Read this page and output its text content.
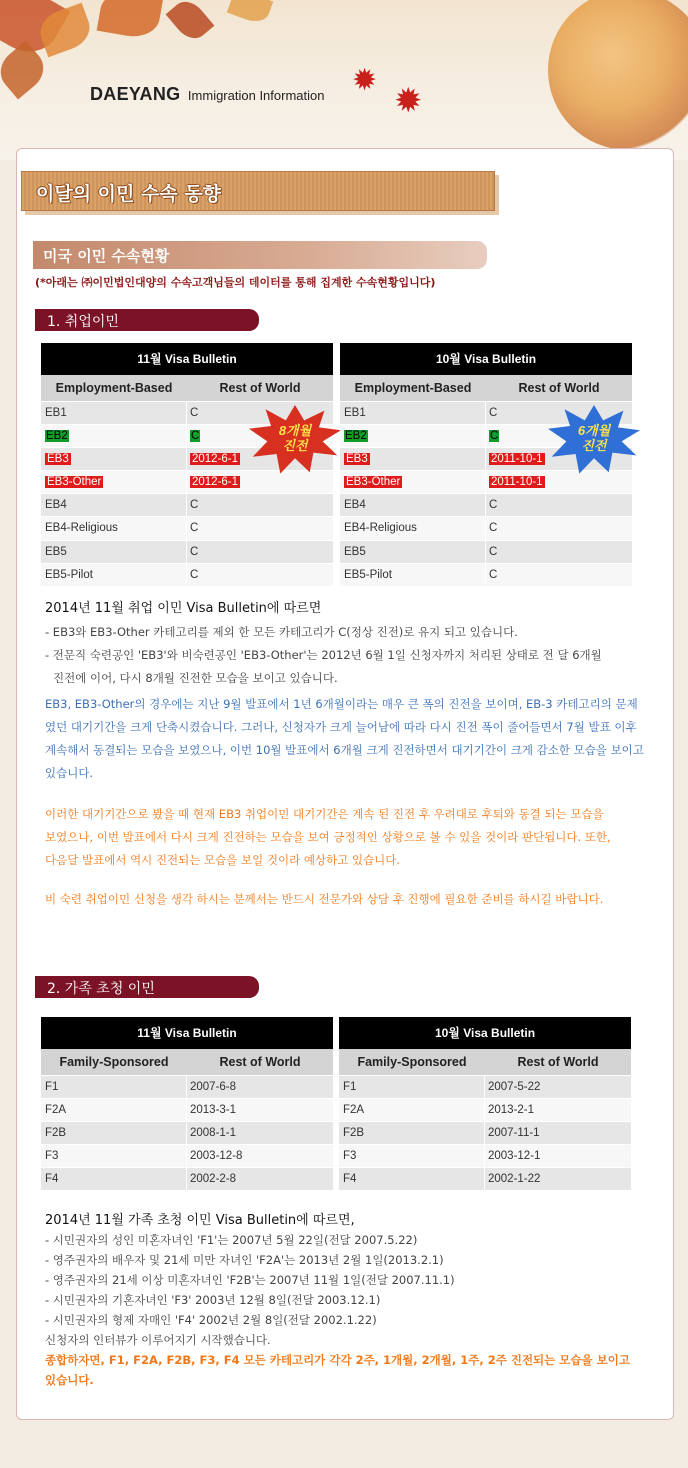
✹
✹
DAEYANG Immigration Information
이달의 이민 수속 동향
미국 이민 수속현황
(*아래는 ㈜이민법인대양의 수속고객님들의 데이터를 통해 집계한 수속현황입니다)
1. 취업이민
11월 Visa Bulletin
Employment-Based	Rest of World
EB1	C
EB2	C
EB3	2012-6-1
EB3-Other	2012-6-1
EB4	C
EB4-Religious	C
EB5	C
EB5-Pilot	C
8개월
진전
10월 Visa Bulletin
Employment-Based	Rest of World
EB1	C
EB2	C
EB3	2011-10-1
EB3-Other	2011-10-1
EB4	C
EB4-Religious	C
EB5	C
EB5-Pilot	C
6개월
진전
2014년 11월 취업 이민 Visa Bulletin에 따르면
- EB3와 EB3-Other 카테고리를 제외 한 모든 카테고리가 C(정상 진전)로 유지 되고 있습니다.
- 전문직 숙련공인 'EB3'와 비숙련공인 'EB3-Other'는 2012년 6월 1일 신청자까지 처리된 상태로 전 달 6개월
진전에 이어, 다시 8개월 진전한 모습을 보이고 있습니다.
EB3, EB3-Other의 경우에는 지난 9월 발표에서 1년 6개월이라는 매우 큰 폭의 진전을 보이며, EB-3 카테고리의 문제
였던 대기기간을 크게 단축시켰습니다. 그러나, 신청자가 크게 늘어남에 따라 다시 진전 폭이 줄어들면서 7월 발표 이후
계속해서 동결되는 모습을 보였으나, 이번 10월 발표에서 6개월 크게 진전하면서 대기기간이 크게 감소한 모습을 보이고
있습니다.
이러한 대기기간으로 봤을 때 현재 EB3 취업이민 대기기간은 계속 된 진전 후 우려대로 후퇴와 동결 되는 모습을
보였으나, 이번 발표에서 다시 크게 진전하는 모습을 보여 긍정적인 상황으로 볼 수 있을 것이라 판단됩니다. 또한,
다음달 발표에서 역시 진전되는 모습을 보일 것이라 예상하고 있습니다.
비 숙련 취업이민 신청을 생각 하시는 분께서는 반드시 전문가와 상담 후 진행에 필요한 준비를 하시길 바랍니다.
2. 가족 초청 이민
11월 Visa Bulletin
Family-Sponsored	Rest of World
F1	2007-6-8
F2A	2013-3-1
F2B	2008-1-1
F3	2003-12-8
F4	2002-2-8
10월 Visa Bulletin
Family-Sponsored	Rest of World
F1	2007-5-22
F2A	2013-2-1
F2B	2007-11-1
F3	2003-12-1
F4	2002-1-22
2014년 11월 가족 초청 이민 Visa Bulletin에 따르면,
- 시민권자의 성인 미혼자녀인 'F1'는 2007년 5월 22일(전달 2007.5.22)
- 영주권자의 배우자 및 21세 미만 자녀인 'F2A'는 2013년 2월 1일(2013.2.1)
- 영주권자의 21세 이상 미혼자녀인 'F2B'는 2007년 11월 1일(전달 2007.11.1)
- 시민권자의 기혼자녀인 'F3' 2003년 12월 8일(전달 2003.12.1)
- 시민권자의 형제 자매인 'F4' 2002년 2월 8일(전달 2002.1.22)
신청자의 인터뷰가 이루어지기 시작했습니다.
종합하자면, F1, F2A, F2B, F3, F4 모든 카테고리가 각각 2주, 1개월, 2개월, 1주, 2주 진전되는 모습을 보이고 있습니다.
